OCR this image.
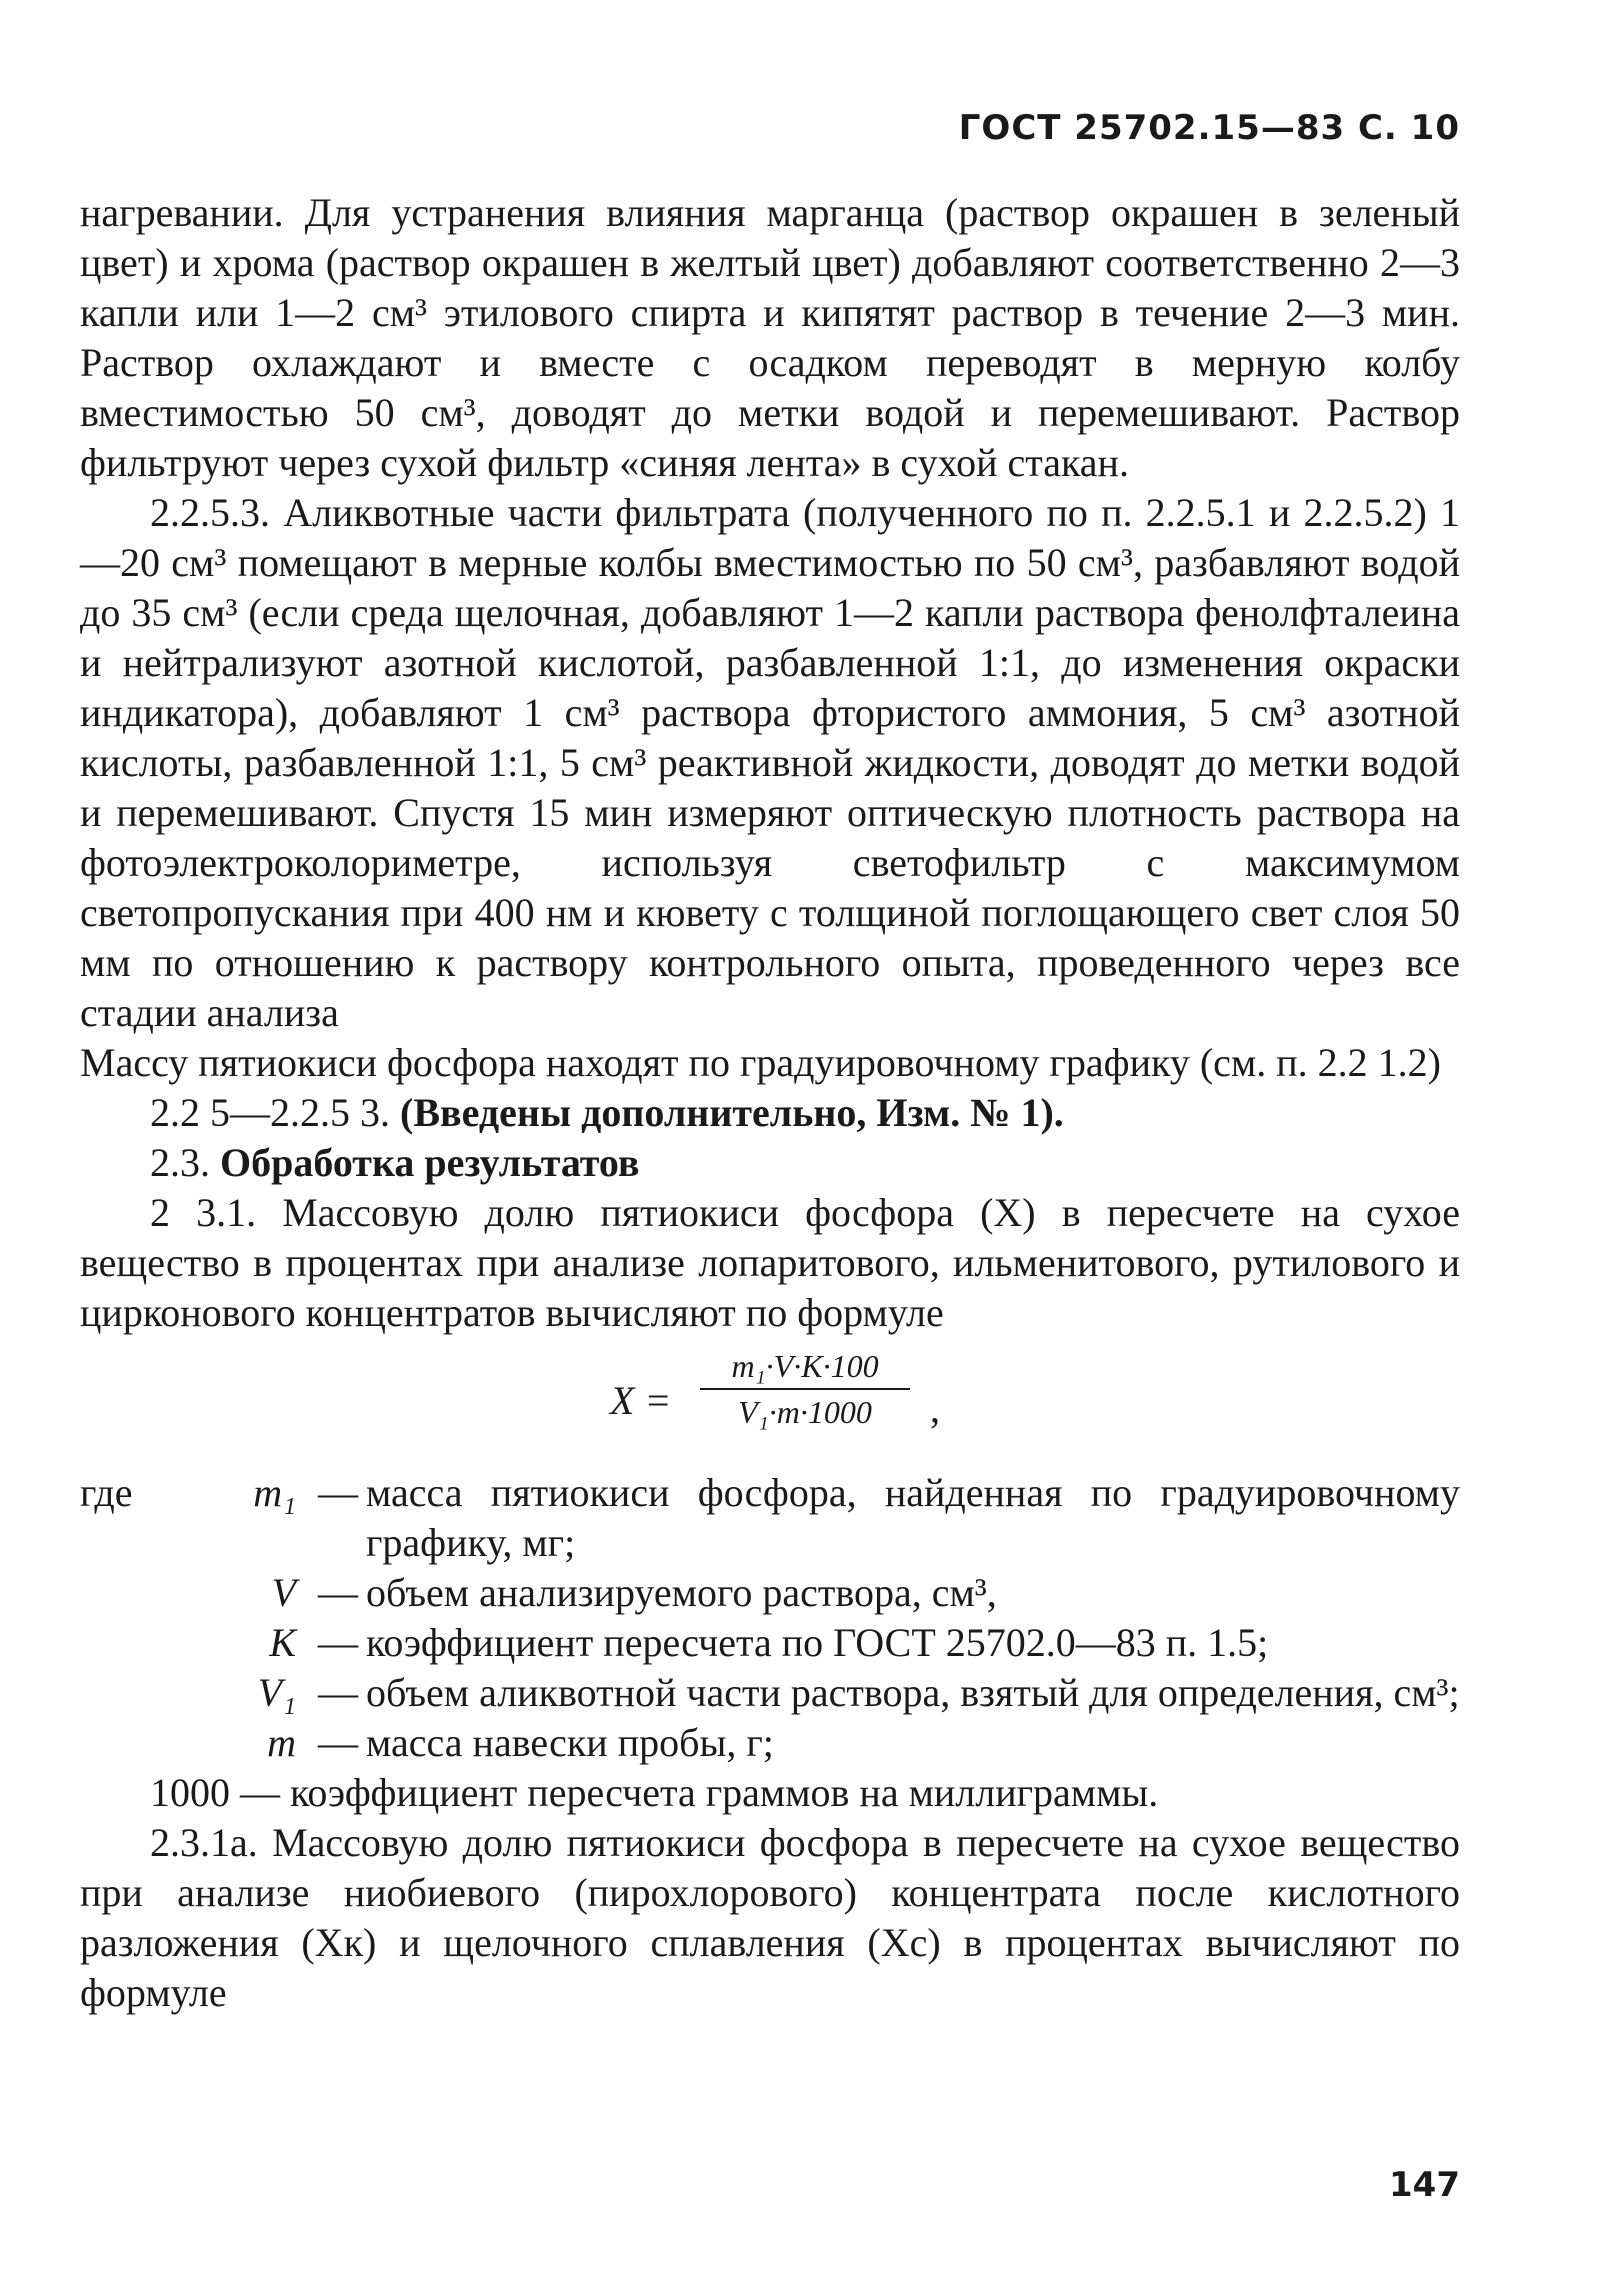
ГОСТ 25702.15—83 С. 10

нагревании. Для устранения влияния марганца (раствор окрашен в зеленый цвет) и хрома (раствор окрашен в желтый цвет) добавляют соответственно 2—3 капли или 1—2 см³ этилового спирта и кипятят раствор в течение 2—3 мин. Раствор охлаждают и вместе с осадком переводят в мерную колбу вместимостью 50 см³, доводят до метки водой и перемешивают. Раствор фильтруют через сухой фильтр «синяя лента» в сухой стакан.

2.2.5.3. Аликвотные части фильтрата (полученного по п. 2.2.5.1 и 2.2.5.2) 1—20 см³ помещают в мерные колбы вместимостью по 50 см³, разбавляют водой до 35 см³ (если среда щелочная, добавляют 1—2 капли раствора фенолфталеина и нейтрализуют азотной кислотой, разбавленной 1:1, до изменения окраски индикатора), добавляют 1 см³ раствора фтористого аммония, 5 см³ азотной кислоты, разбавленной 1:1, 5 см³ реактивной жидкости, доводят до метки водой и перемешивают. Спустя 15 мин измеряют оптическую плотность раствора на фотоэлектроколориметре, используя светофильтр с максимумом светопропускания при 400 нм и кювету с толщиной поглощающего свет слоя 50 мм по отношению к раствору контрольного опыта, проведенного через все стадии анализа

Массу пятиокиси фосфора находят по градуировочному графику (см. п. 2.2 1.2)

2.2 5—2.2.5 3. (Введены дополнительно, Изм. № 1).

2.3. Обработка результатов

2 3.1. Массовую долю пятиокиси фосфора (X) в пересчете на сухое вещество в процентах при анализе лопаритового, ильменитового, рутилового и цирконового концентратов вычисляют по формуле

X =
m₁·V·K·100
V₁·m·1000	,
где	m₁ — масса пятиокиси фосфора, найденная по градуировочному графику, мг;
V — объем анализируемого раствора, см³,
K — коэффициент пересчета по ГОСТ 25702.0—83 п. 1.5;
V₁ — объем аликвотной части раствора, взятый для определения, см³;
m — масса навески пробы, г;

1000 — коэффициент пересчета граммов на миллиграммы.

2.3.1а. Массовую долю пятиокиси фосфора в пересчете на сухое вещество при анализе ниобиевого (пирохлорового) концентрата после кислотного разложения (Xк) и щелочного сплавления (Xс) в процентах вычисляют по формуле

147
